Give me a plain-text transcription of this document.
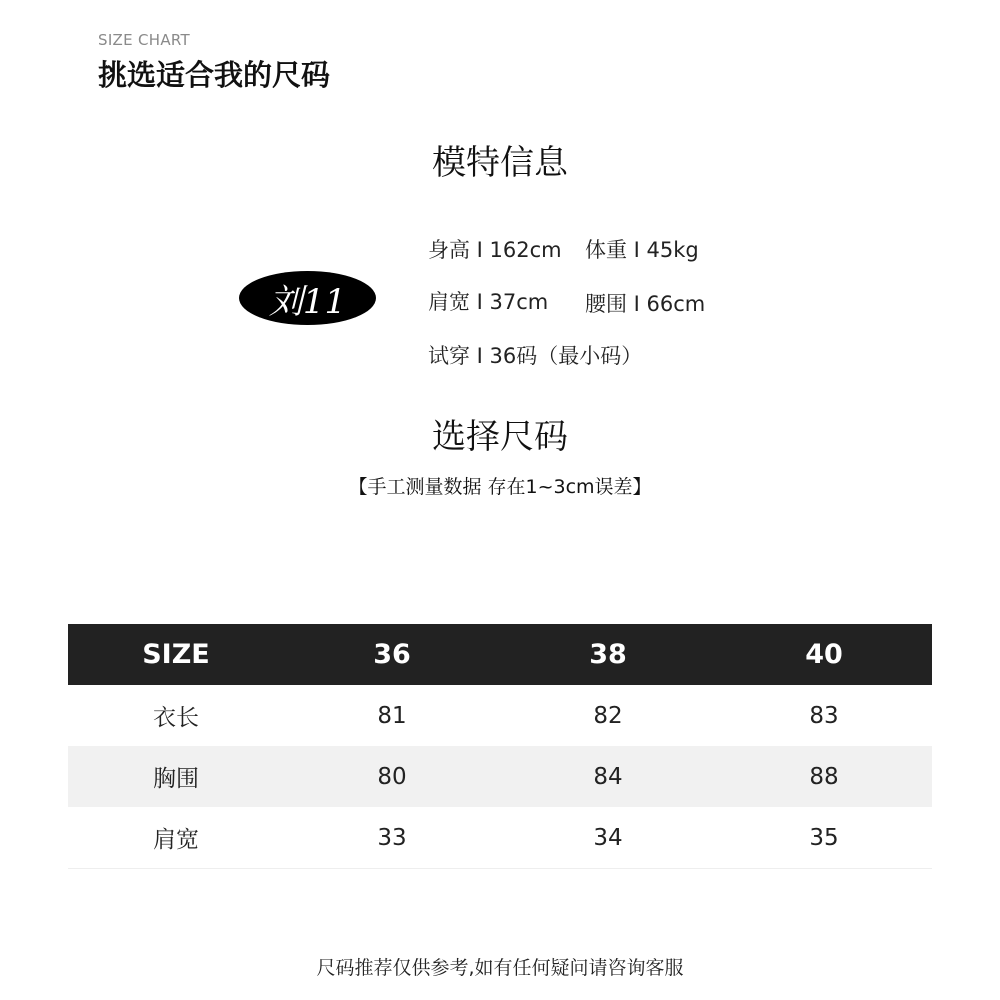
SIZE CHART
挑选适合我的尺码
模特信息
刘11
身高 I 162cm 体重 I 45kg
肩宽 I 37cm 腰围 I 66cm
试穿 I 36码（最小码）
选择尺码
【手工测量数据 存在1~3cm误差】
SIZE	36	38	40
衣长	81	82	83
胸围	80	84	88
肩宽	33	34	35
尺码推荐仅供参考,如有任何疑问请咨询客服
